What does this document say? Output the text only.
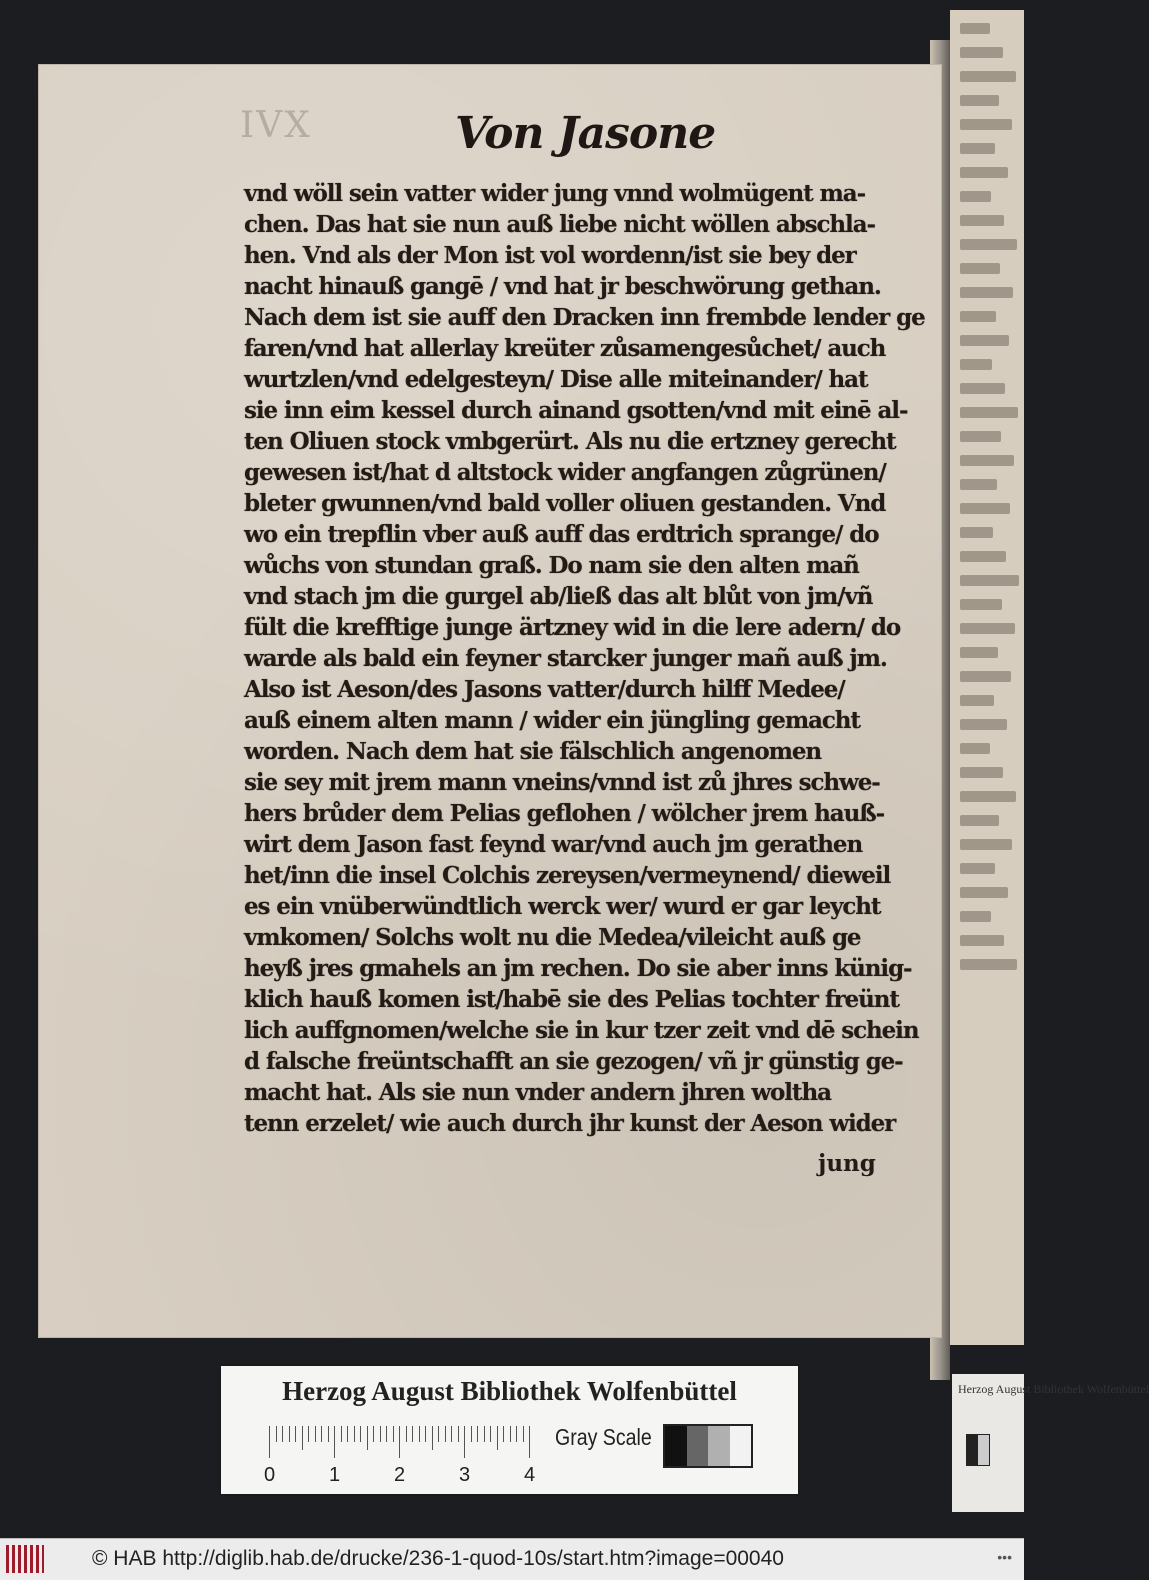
IVX	Von Jasone
vnd wöll sein vatter wider jung vnnd wolmügent ma-
chen. Das hat sie nun auß liebe nicht wöllen abschla-
hen. Vnd als der Mon ist vol wordenn/ist sie bey der
nacht hinauß gangē / vnd hat jr beschwörung gethan.
Nach dem ist sie auff den Dracken inn frembde lender ge
faren/vnd hat allerlay kreüter zůsamengesůchet/ auch
wurtzlen/vnd edelgesteyn/ Dise alle miteinander/ hat
sie inn eim kessel durch ainand gsotten/vnd mit einē al-
ten Oliuen stock vmbgerürt. Als nu die ertzney gerecht
gewesen ist/hat d altstock wider angfangen zůgrünen/
bleter gwunnen/vnd bald voller oliuen gestanden. Vnd
wo ein trepflin vber auß auff das erdtrich sprange/ do
wůchs von stundan graß. Do nam sie den alten mañ
vnd stach jm die gurgel ab/ließ das alt blůt von jm/vñ
fült die krefftige junge ärtzney wid in die lere adern/ do
warde als bald ein feyner starcker junger mañ auß jm.
Also ist Aeson/des Jasons vatter/durch hilff Medee/
auß einem alten mann / wider ein jüngling gemacht
worden. Nach dem hat sie fälschlich angenomen
sie sey mit jrem mann vneins/vnnd ist zů jhres schwe-
hers brůder dem Pelias geflohen / wölcher jrem hauß-
wirt dem Jason fast feynd war/vnd auch jm gerathen
het/inn die insel Colchis zereysen/vermeynend/ dieweil
es ein vnüberwündtlich werck wer/ wurd er gar leycht
vmkomen/ Solchs wolt nu die Medea/vileicht auß ge
heyß jres gmahels an jm rechen. Do sie aber inns künig-
klich hauß komen ist/habē sie des Pelias tochter freünt
lich auffgnomen/welche sie in kur tzer zeit vnd dē schein
d falsche freüntschafft an sie gezogen/ vñ jr günstig ge-
macht hat. Als sie nun vnder andern jhren woltha
tenn erzelet/ wie auch durch jhr kunst der Aeson wider
jung
Herzog August Bibliothek Wolfenbüttel
0	1	2	3	4
Gray Scale
Herzog August Bibliothek Wolfenbüttel
© HAB http://diglib.hab.de/drucke/236-1-quod-10s/start.htm?image=00040	•••
